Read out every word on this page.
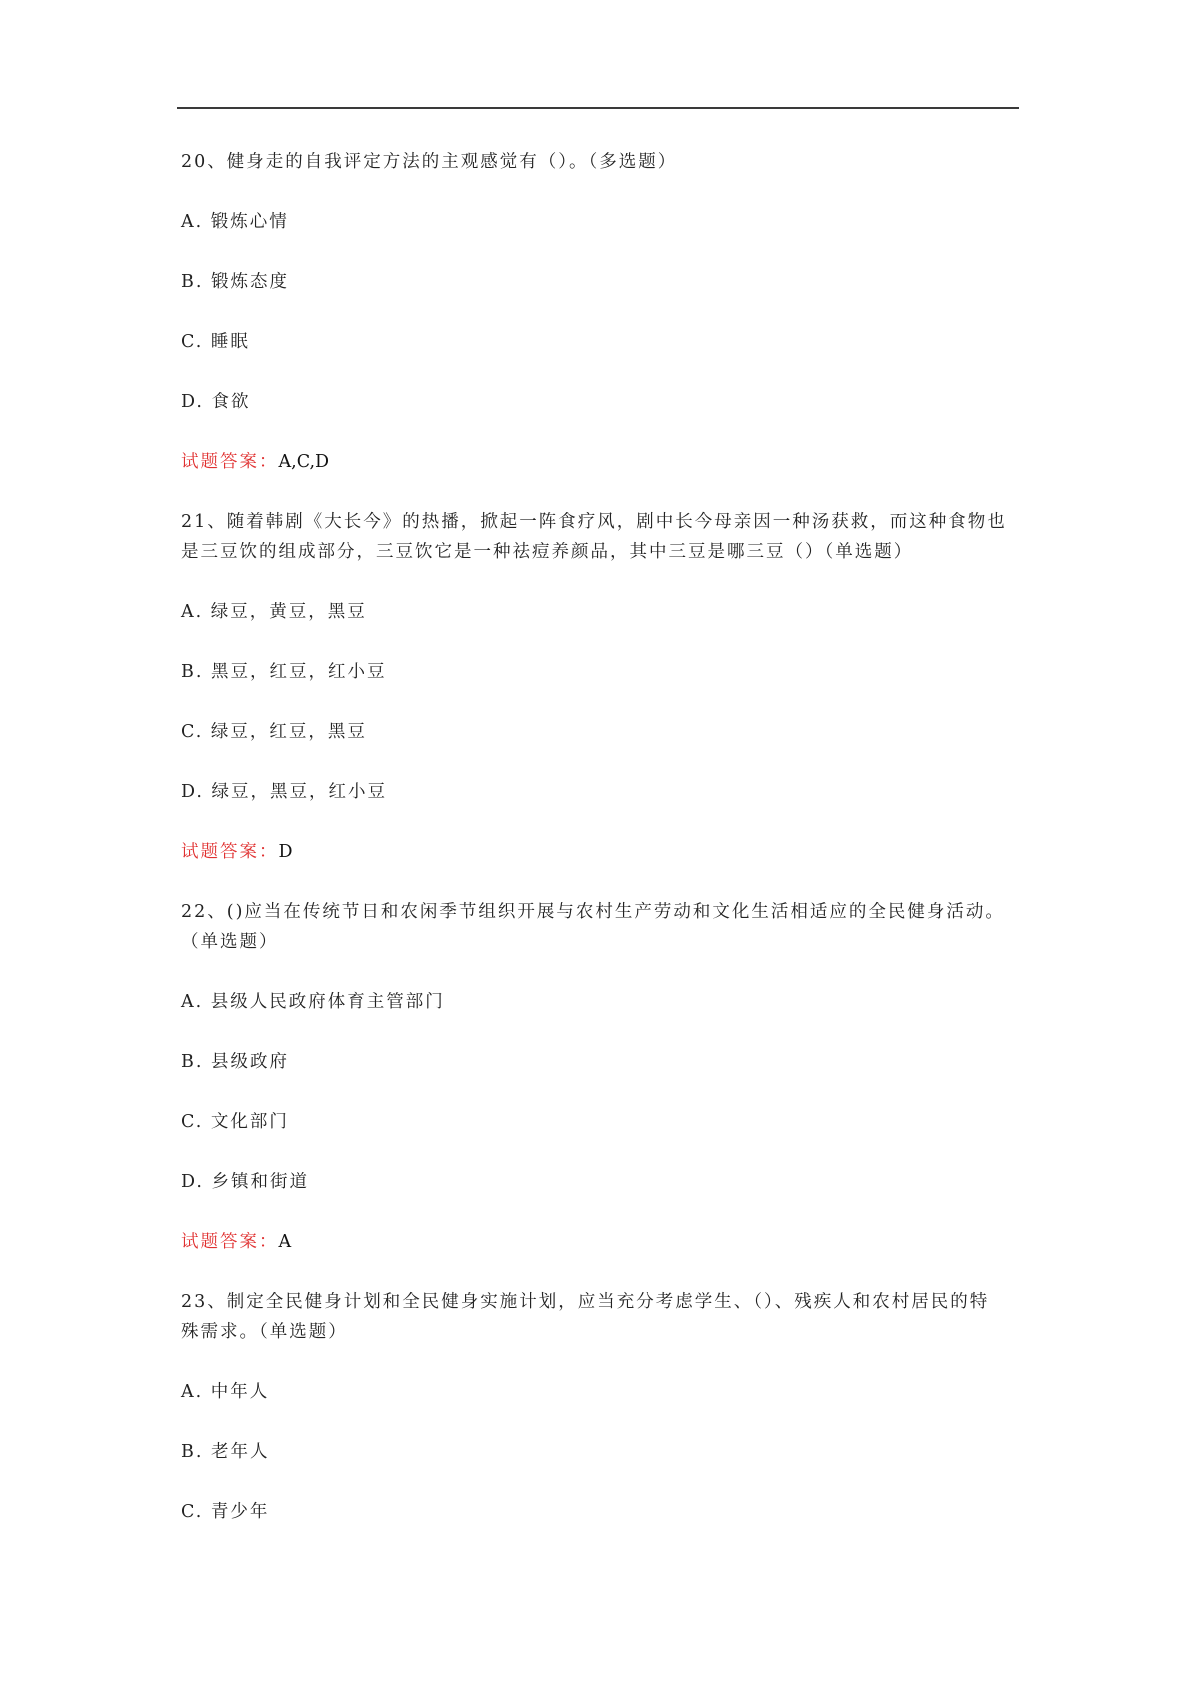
20、健身走的自我评定方法的主观感觉有（）。（多选题）
A. 锻炼心情
B. 锻炼态度
C. 睡眠
D. 食欲
试题答案：A,C,D
21、随着韩剧《大长今》的热播，掀起一阵食疗风，剧中长今母亲因一种汤获救，而这种食物也
是三豆饮的组成部分，三豆饮它是一种祛痘养颜品，其中三豆是哪三豆（）（单选题）
A. 绿豆，黄豆，黑豆
B. 黑豆，红豆，红小豆
C. 绿豆，红豆，黑豆
D. 绿豆，黑豆，红小豆
试题答案：D
22、()应当在传统节日和农闲季节组织开展与农村生产劳动和文化生活相适应的全民健身活动。
（单选题）
A. 县级人民政府体育主管部门
B. 县级政府
C. 文化部门
D. 乡镇和街道
试题答案：A
23、制定全民健身计划和全民健身实施计划，应当充分考虑学生、（）、残疾人和农村居民的特
殊需求。（单选题）
A. 中年人
B. 老年人
C. 青少年
